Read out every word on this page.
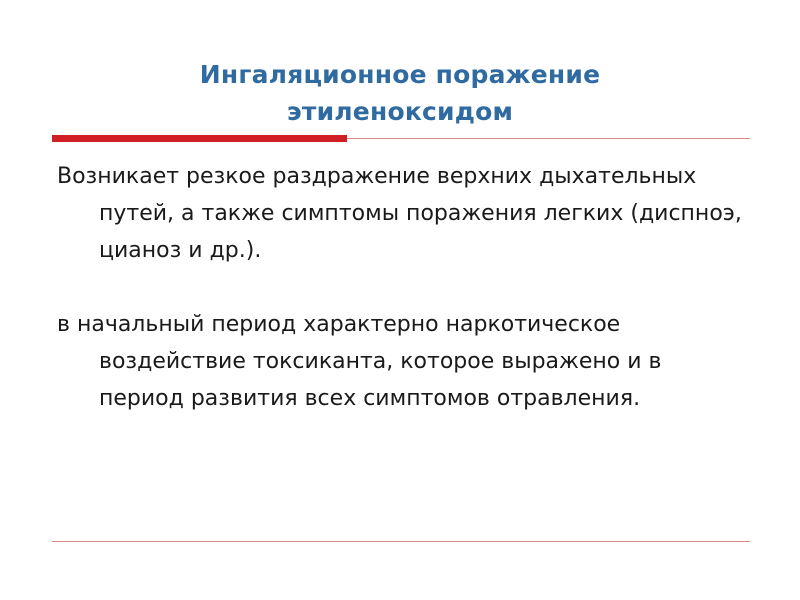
Ингаляционное поражение этиленоксидом

Возникает резкое раздражение верхних дыхательных путей, а также симптомы поражения легких (диспноэ, цианоз и др.).

в начальный период характерно наркотическое воздействие токсиканта, которое выражено и в период развития всех симптомов отравления.
